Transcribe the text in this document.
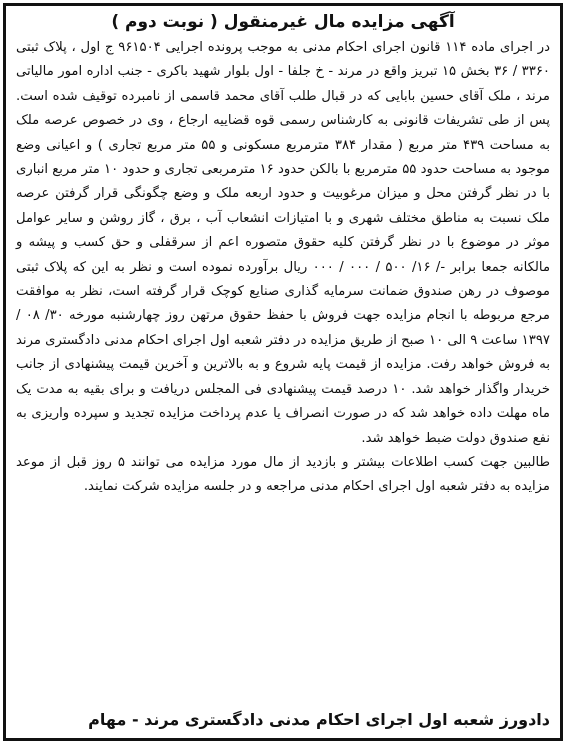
آگهی مزایده مال غیرمنقول ( نوبت دوم )
در اجرای ماده ۱۱۴ قانون اجرای احکام مدنی به موجب پرونده اجرایی ۹۶۱۵۰۴ ج اول ، پلاک ثبتی ۳۳۶۰ / ۳۶ بخش ۱۵ تبریز واقع در مرند - خ جلفا - اول بلوار شهید باکری - جنب اداره امور مالیاتی مرند ، ملک آقای حسین بابایی که در قبال طلب آقای محمد قاسمی از نامبرده توقیف شده است. پس از طی تشریفات قانونی به کارشناس رسمی قوه قضاییه ارجاع ، وی در خصوص عرصه ملک به مساحت ۴۳۹ متر مربع ( مقدار ۳۸۴ مترمربع مسکونی و ۵۵ متر مربع تجاری ) و اعیانی وضع موجود به مساحت حدود ۵۵ مترمربع با بالکن حدود ۱۶ مترمربعی تجاری و حدود ۱۰ متر مربع انباری با در نظر گرفتن محل و میزان مرغوبیت و حدود اربعه ملک و وضع چگونگی قرار گرفتن عرصه ملک نسبت به مناطق مختلف شهری و با امتیازات انشعاب آب ، برق ، گاز روشن و سایر عوامل موثر در موضوع با در نظر گرفتن کلیه حقوق متصوره اعم از سرقفلی و حق کسب و پیشه و مالکانه جمعا برابر -/ ۱۶/ ۵۰۰ / ۰۰۰ / ۰۰۰ ریال برآورده نموده است و نظر به این که پلاک ثبتی موصوف در رهن صندوق ضمانت سرمایه گذاری صنایع کوچک قرار گرفته است، نظر به موافقت مرجع مربوطه با انجام مزایده جهت فروش با حفظ حقوق مرتهن روز چهارشنبه مورخه ۳۰/ ۰۸ / ۱۳۹۷ ساعت ۹ الی ۱۰ صبح از طریق مزایده در دفتر شعبه اول اجرای احکام مدنی دادگستری مرند به فروش خواهد رفت. مزایده از قیمت پایه شروع و به بالاترین و آخرین قیمت پیشنهادی از جانب خریدار واگذار خواهد شد. ۱۰ درصد قیمت پیشنهادی فی المجلس دریافت و برای بقیه به مدت یک ماه مهلت داده خواهد شد که در صورت انصراف یا عدم پرداخت مزایده تجدید و سپرده واریزی به نفع صندوق دولت ضبط خواهد شد.
طالبین جهت کسب اطلاعات بیشتر و بازدید از مال مورد مزایده می توانند ۵ روز قبل از موعد مزایده به دفتر شعبه اول اجرای احکام مدنی مراجعه و در جلسه مزایده شرکت نمایند.
دادورز شعبه اول اجرای احکام مدنی دادگستری مرند - مهام
